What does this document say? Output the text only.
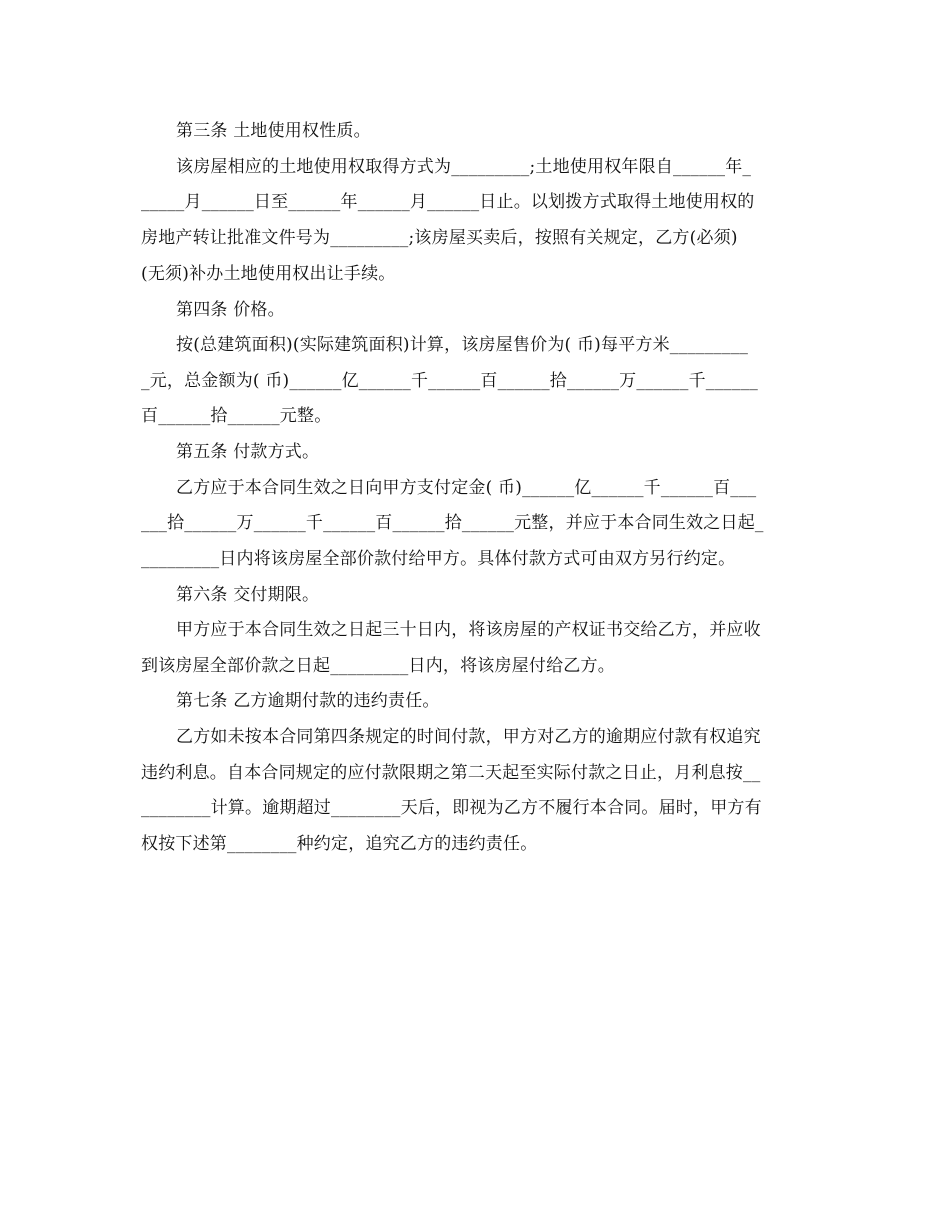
第三条 土地使用权性质。
该房屋相应的土地使用权取得方式为_________;土地使用权年限自______年_
_____月______日至______年______月______日止。以划拨方式取得土地使用权的
房地产转让批准文件号为_________;该房屋买卖后，按照有关规定，乙方(必须)
(无须)补办土地使用权出让手续。
第四条 价格。
按(总建筑面积)(实际建筑面积)计算，该房屋售价为( 币)每平方米_________
_元，总金额为( 币)______亿______千______百______拾______万______千______
百______拾______元整。
第五条 付款方式。
乙方应于本合同生效之日向甲方支付定金( 币)______亿______千______百___
___拾______万______千______百______拾______元整，并应于本合同生效之日起_
_________日内将该房屋全部价款付给甲方。具体付款方式可由双方另行约定。
第六条 交付期限。
甲方应于本合同生效之日起三十日内，将该房屋的产权证书交给乙方，并应收
到该房屋全部价款之日起_________日内，将该房屋付给乙方。
第七条 乙方逾期付款的违约责任。
乙方如未按本合同第四条规定的时间付款，甲方对乙方的逾期应付款有权追究
违约利息。自本合同规定的应付款限期之第二天起至实际付款之日止，月利息按__
________计算。逾期超过________天后，即视为乙方不履行本合同。届时，甲方有
权按下述第________种约定，追究乙方的违约责任。
